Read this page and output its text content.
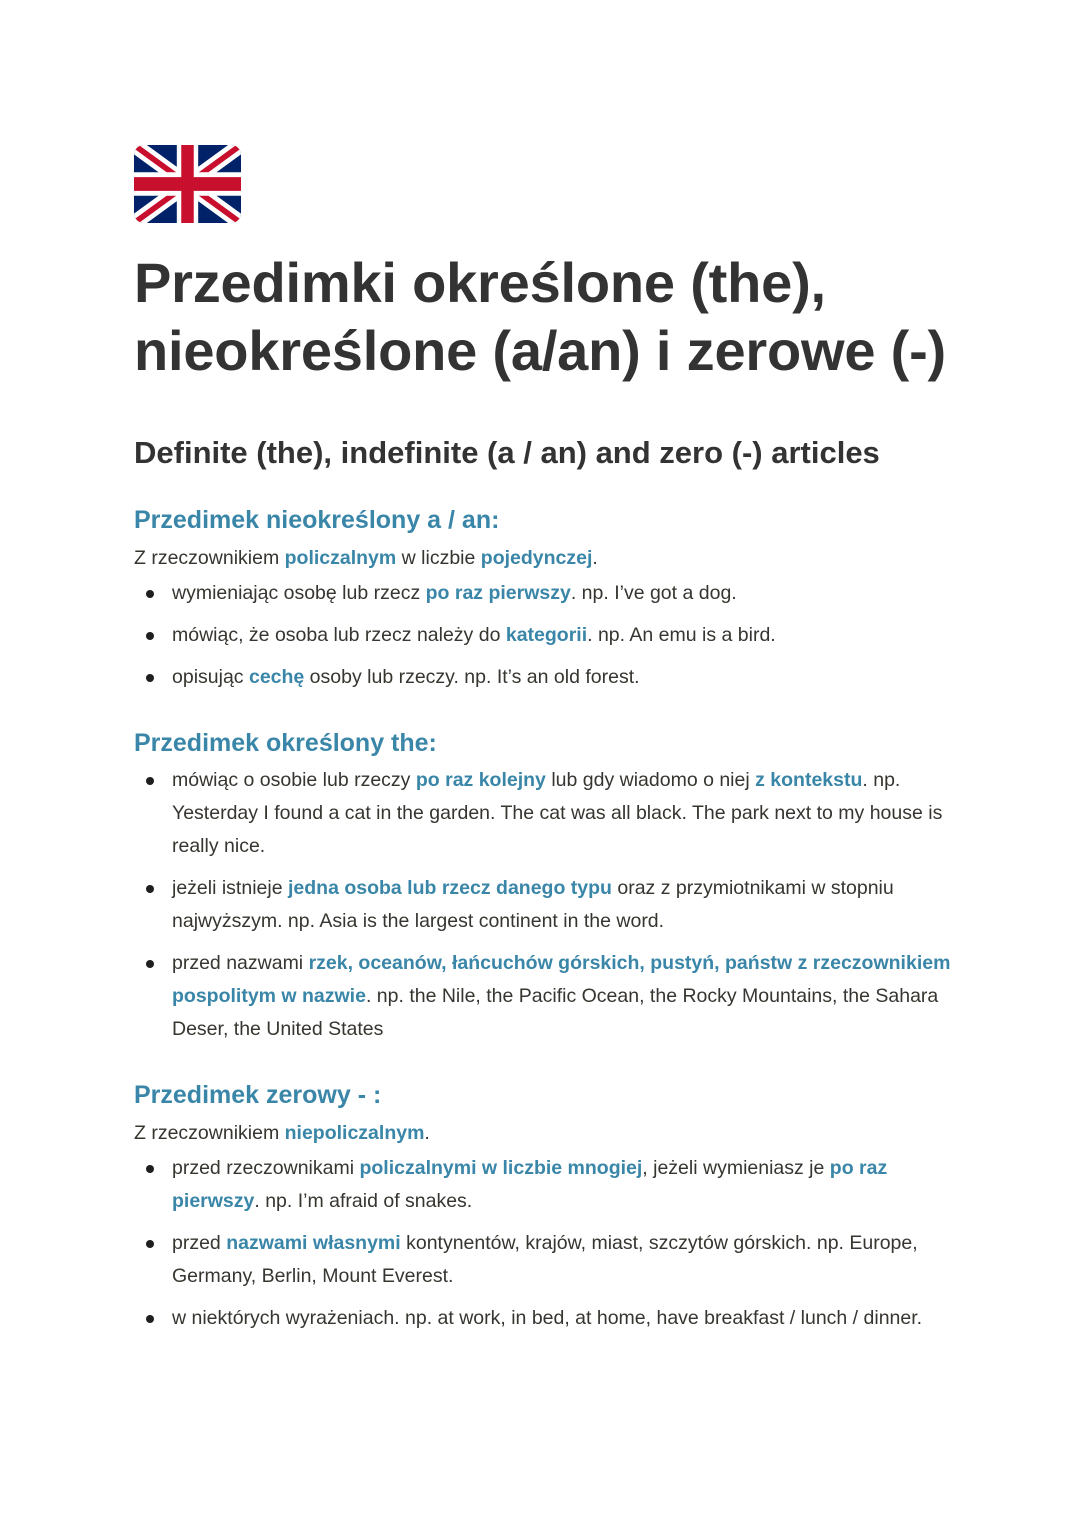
Przedimki określone (the),
nieokreślone (a/an) i zerowe (-)
Definite (the), indefinite (a / an) and zero (-) articles
Przedimek nieokreślony a / an:

Z rzeczownikiem policzalnym w liczbie pojedynczej.

wymieniając osobę lub rzecz po raz pierwszy. np. I’ve got a dog.
mówiąc, że osoba lub rzecz należy do kategorii. np. An emu is a bird.
opisując cechę osoby lub rzeczy. np. It’s an old forest.
Przedimek określony the:
mówiąc o osobie lub rzeczy po raz kolejny lub gdy wiadomo o niej z kontekstu. np. Yesterday I found a cat in the garden. The cat was all black. The park next to my house is really nice.
jeżeli istnieje jedna osoba lub rzecz danego typu oraz z przymiotnikami w stopniu najwyższym. np. Asia is the largest continent in the word.
przed nazwami rzek, oceanów, łańcuchów górskich, pustyń, państw z rzeczownikiem pospolitym w nazwie. np. the Nile, the Pacific Ocean, the Rocky Mountains, the Sahara Deser, the United States
Przedimek zerowy - :

Z rzeczownikiem niepoliczalnym.

przed rzeczownikami policzalnymi w liczbie mnogiej, jeżeli wymieniasz je po raz pierwszy. np. I’m afraid of snakes.
przed nazwami własnymi kontynentów, krajów, miast, szczytów górskich. np. Europe, Germany, Berlin, Mount Everest.
w niektórych wyrażeniach. np. at work, in bed, at home, have breakfast / lunch / dinner.
